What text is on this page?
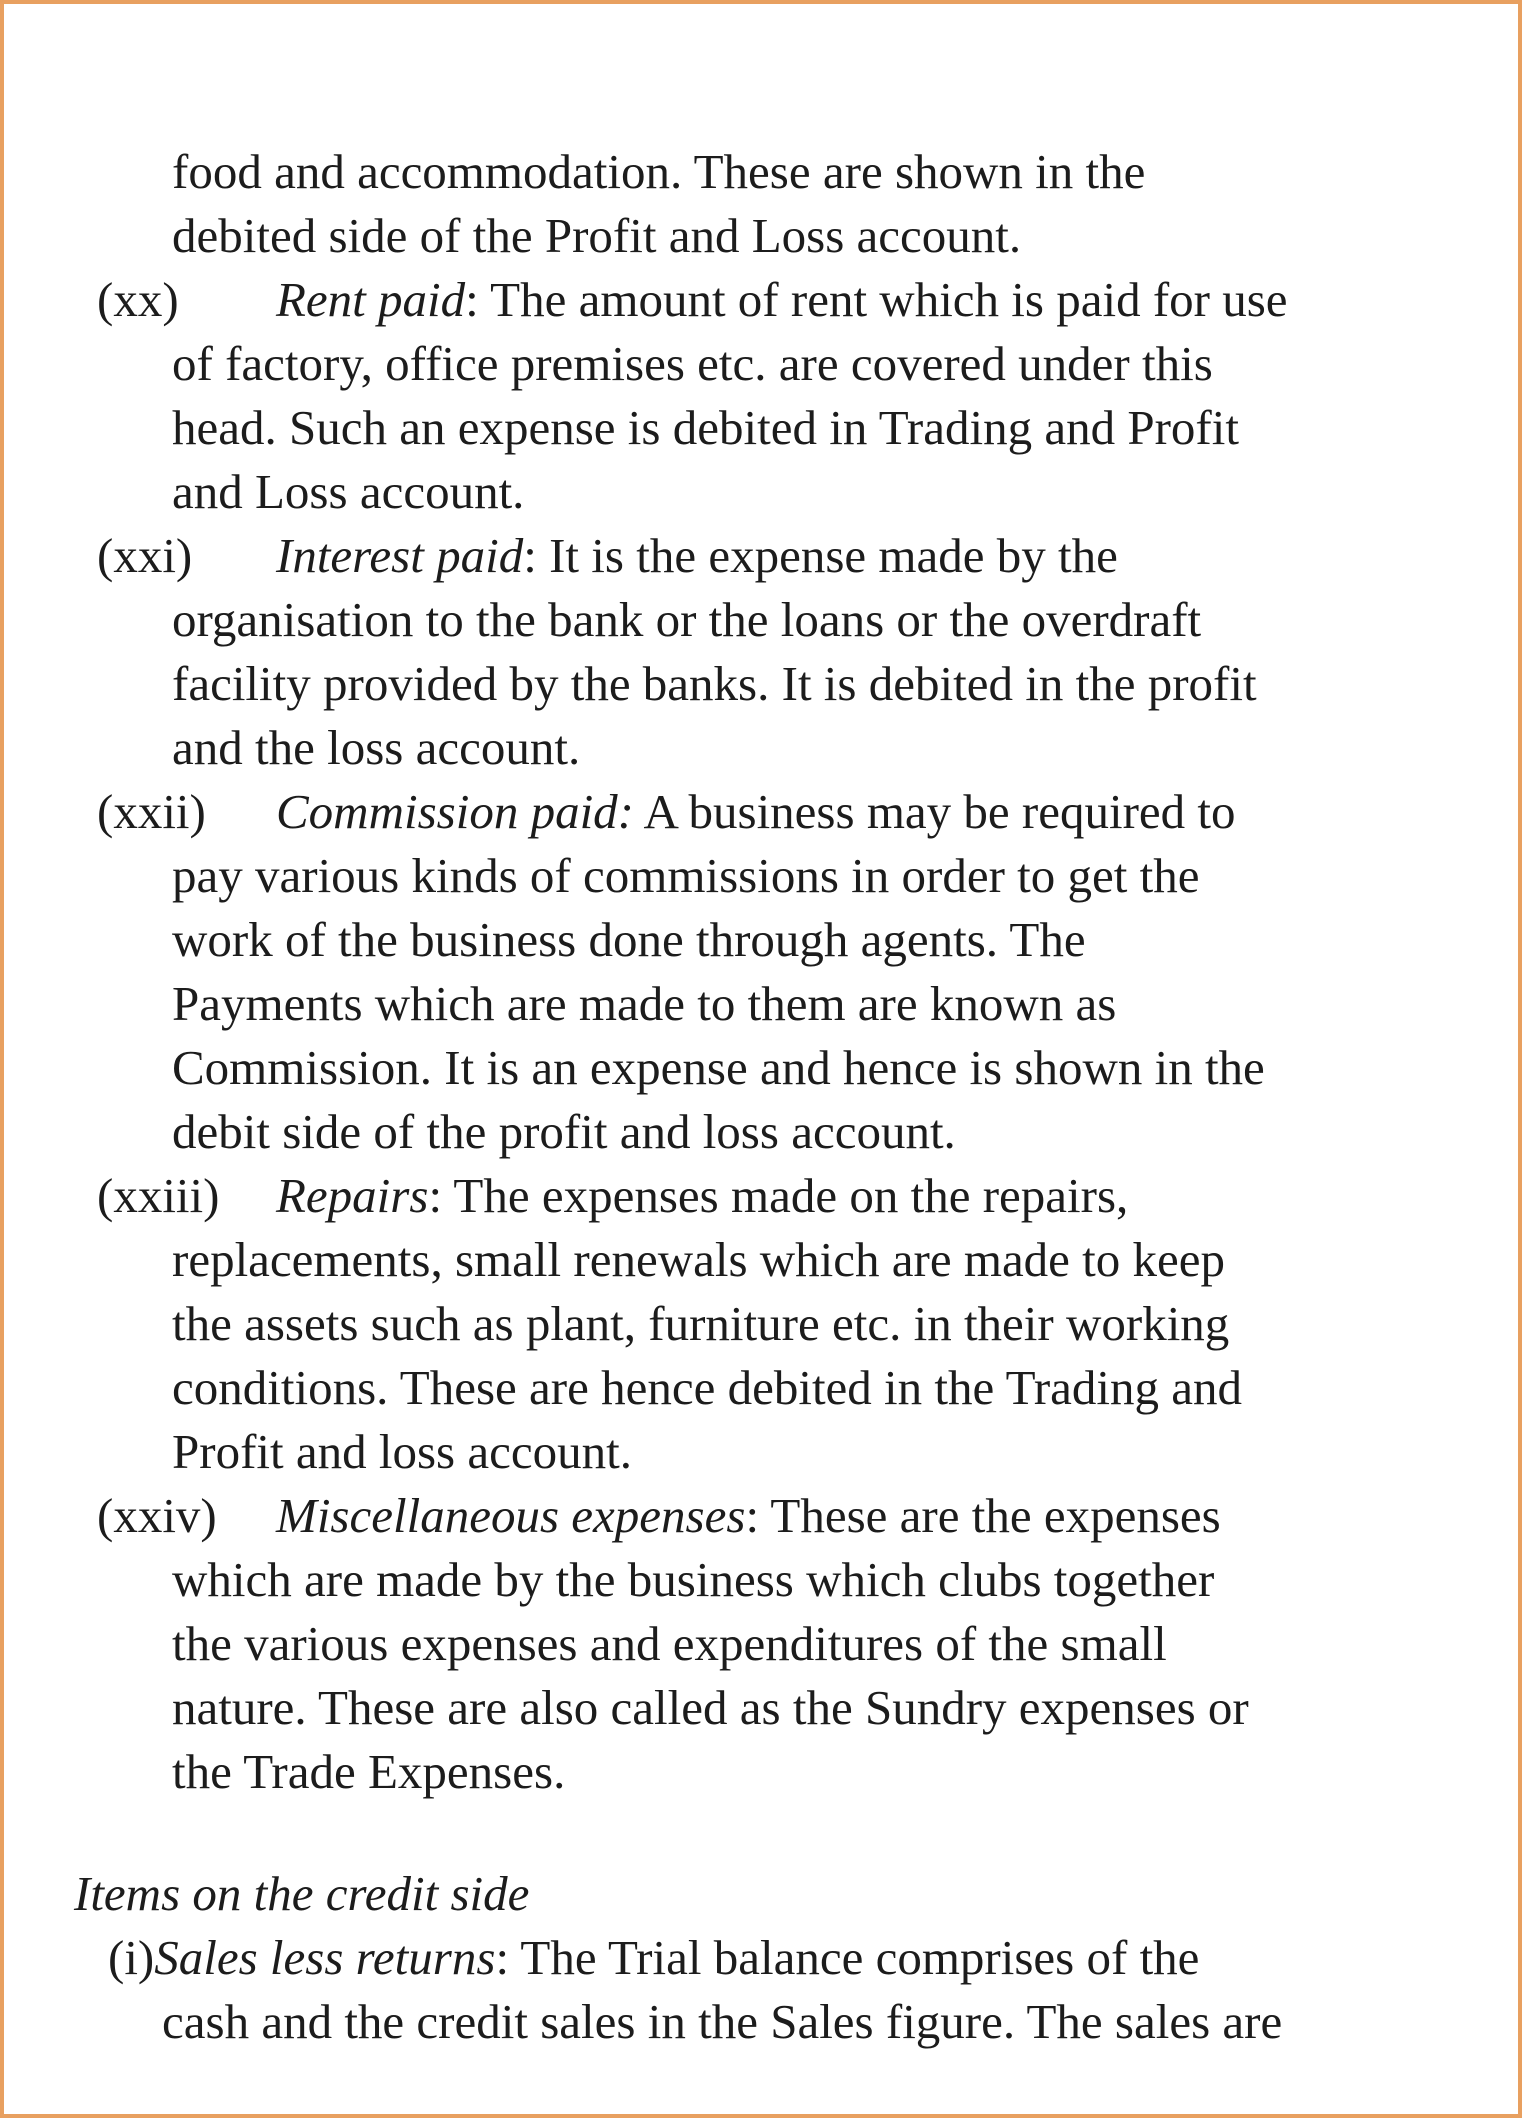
food and accommodation. These are shown in the
debited side of the Profit and Loss account.
(xx) Rent paid: The amount of rent which is paid for use
of factory, office premises etc. are covered under this
head. Such an expense is debited in Trading and Profit
and Loss account.
(xxi) Interest paid: It is the expense made by the
organisation to the bank or the loans or the overdraft
facility provided by the banks. It is debited in the profit
and the loss account.
(xxii) Commission paid: A business may be required to
pay various kinds of commissions in order to get the
work of the business done through agents. The
Payments which are made to them are known as
Commission. It is an expense and hence is shown in the
debit side of the profit and loss account.
(xxiii) Repairs: The expenses made on the repairs,
replacements, small renewals which are made to keep
the assets such as plant, furniture etc. in their working
conditions. These are hence debited in the Trading and
Profit and loss account.
(xxiv) Miscellaneous expenses: These are the expenses
which are made by the business which clubs together
the various expenses and expenditures of the small
nature. These are also called as the Sundry expenses or
the Trade Expenses.
Items on the credit side
(i)Sales less returns: The Trial balance comprises of the
cash and the credit sales in the Sales figure. The sales are
